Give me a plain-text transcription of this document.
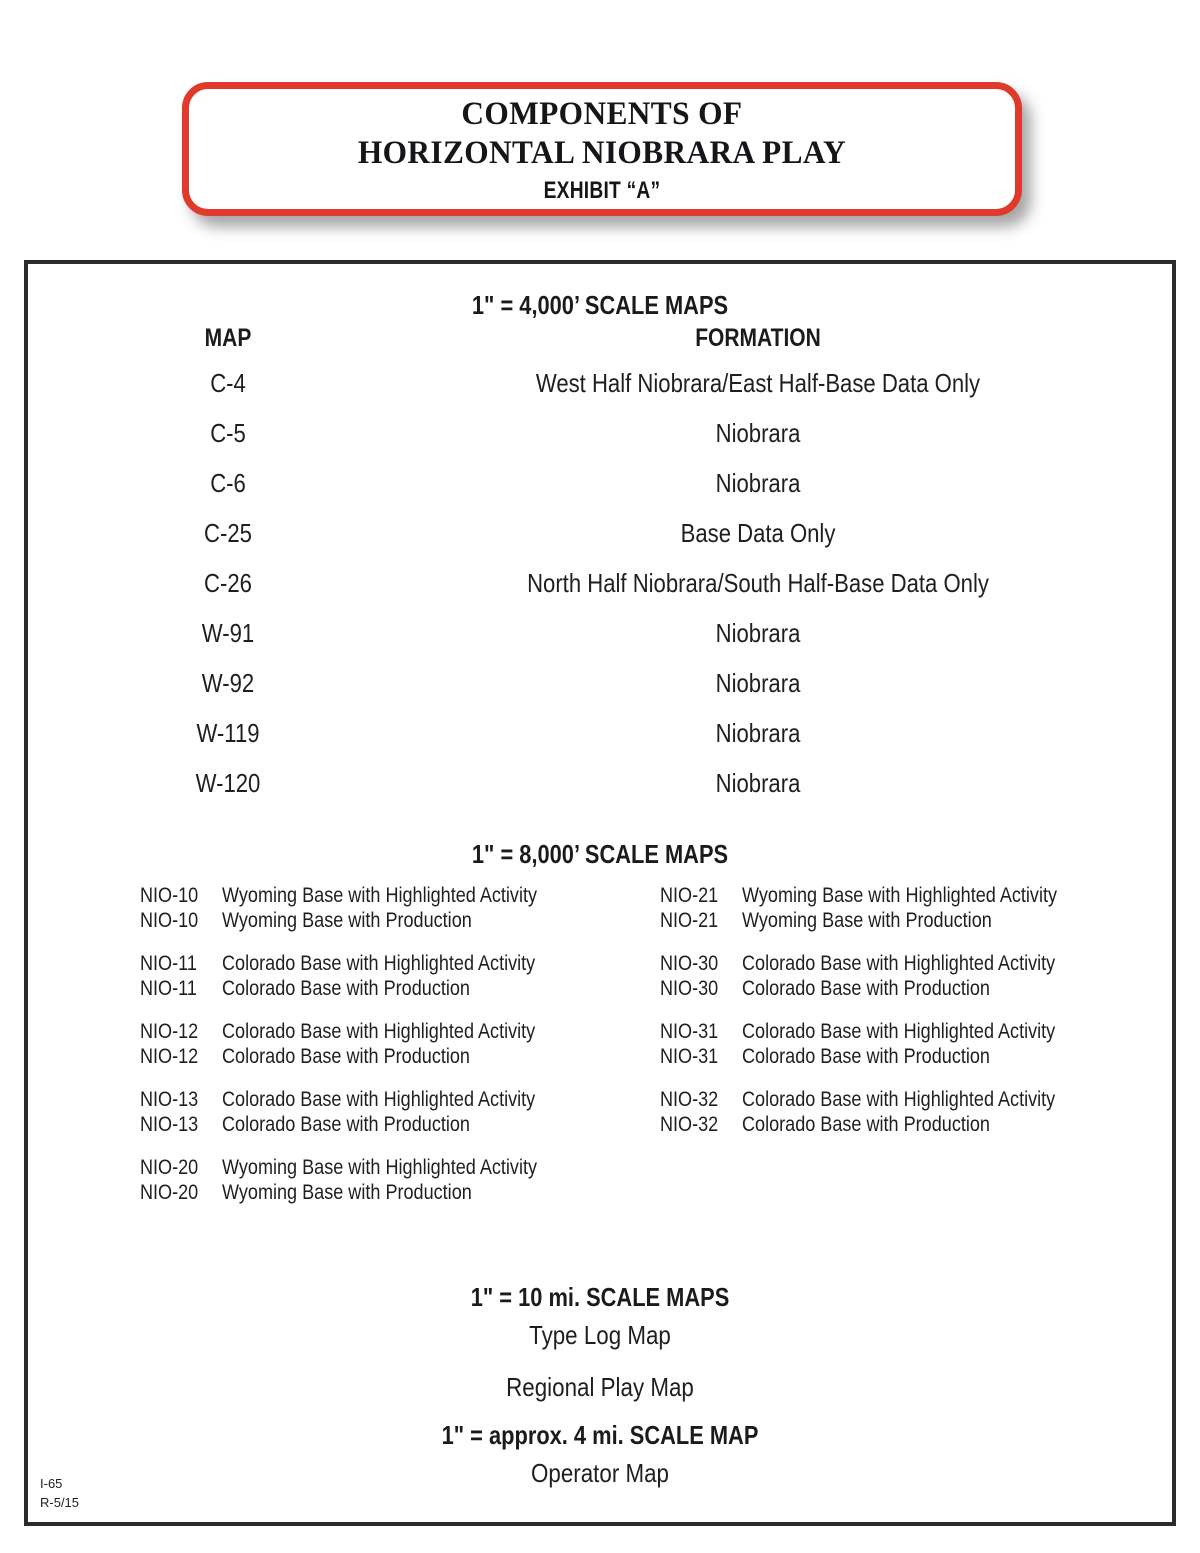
COMPONENTS OF
HORIZONTAL NIOBRARA PLAY
EXHIBIT “A”
1" = 4,000’ SCALE MAPS
MAP	FORMATION
C-4	West Half Niobrara/East Half-Base Data Only
C-5	Niobrara
C-6	Niobrara
C-25	Base Data Only
C-26	North Half Niobrara/South Half-Base Data Only
W-91	Niobrara
W-92	Niobrara
W-119	Niobrara
W-120	Niobrara
1" = 8,000’ SCALE MAPS
NIO-10	Wyoming Base with Highlighted Activity
NIO-10	Wyoming Base with Production
NIO-11	Colorado Base with Highlighted Activity
NIO-11	Colorado Base with Production
NIO-12	Colorado Base with Highlighted Activity
NIO-12	Colorado Base with Production
NIO-13	Colorado Base with Highlighted Activity
NIO-13	Colorado Base with Production
NIO-20	Wyoming Base with Highlighted Activity
NIO-20	Wyoming Base with Production
NIO-21	Wyoming Base with Highlighted Activity
NIO-21	Wyoming Base with Production
NIO-30	Colorado Base with Highlighted Activity
NIO-30	Colorado Base with Production
NIO-31	Colorado Base with Highlighted Activity
NIO-31	Colorado Base with Production
NIO-32	Colorado Base with Highlighted Activity
NIO-32	Colorado Base with Production
1" = 10 mi. SCALE MAPS
Type Log Map
Regional Play Map
1" = approx. 4 mi. SCALE MAP
Operator Map
I-65
R-5/15
